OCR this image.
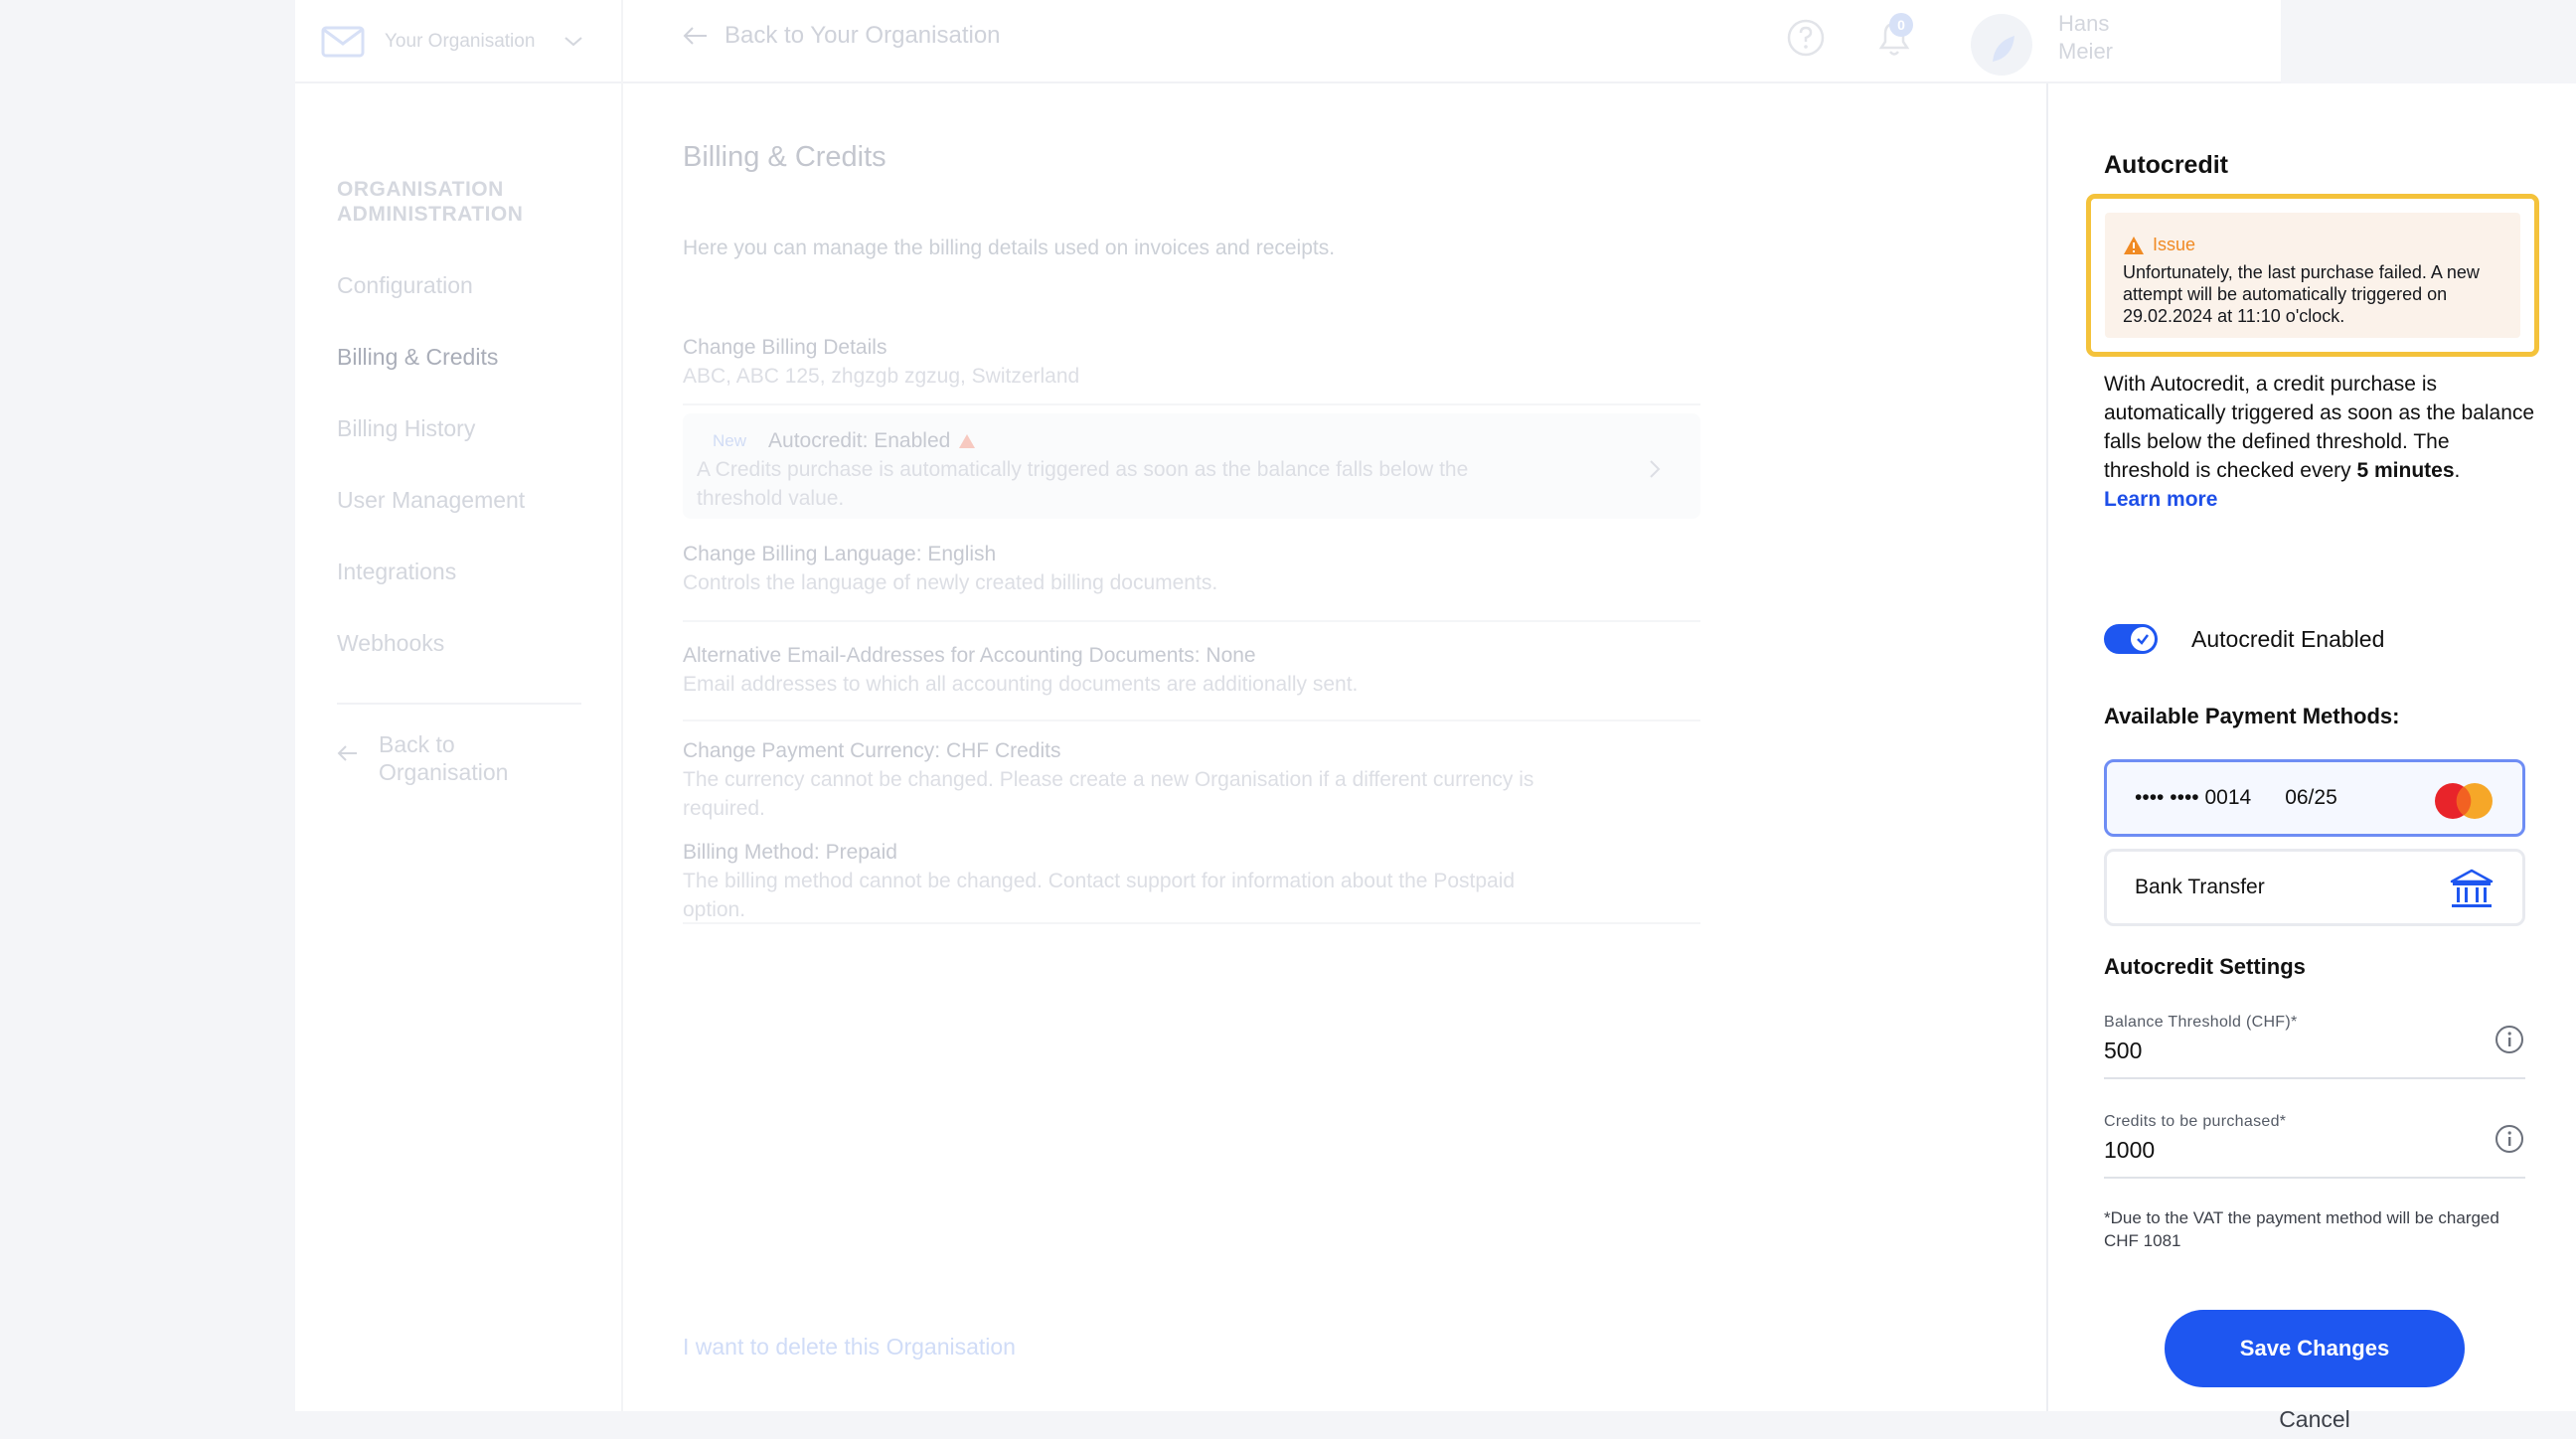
Your Organisation	Back to Your Organisation	0	Hans
Meier
ORGANISATION ADMINISTRATION
Configuration
Billing & Credits
Billing History
User Management
Integrations
Webhooks
Back to Organisation
Billing & Credits
Here you can manage the billing details used on invoices and receipts.
Change Billing Details
ABC, ABC 125, zhgzgb zgzug, Switzerland
New Autocredit: Enabled
A Credits purchase is automatically triggered as soon as the balance falls below the threshold value.
Change Billing Language: English
Controls the language of newly created billing documents.
Alternative Email-Addresses for Accounting Documents: None
Email addresses to which all accounting documents are additionally sent.
Change Payment Currency: CHF Credits
The currency cannot be changed. Please create a new Organisation if a different currency is required.
Billing Method: Prepaid
The billing method cannot be changed. Contact support for information about the Postpaid option.
I want to delete this Organisation
Autocredit
Issue
Unfortunately, the last purchase failed. A new attempt will be automatically triggered on 29.02.2024 at 11:10 o'clock.
With Autocredit, a credit purchase is automatically triggered as soon as the balance falls below the defined threshold. The threshold is checked every 5 minutes.
Learn more
Autocredit Enabled
Available Payment Methods:
•••• •••• 0014 06/25
Bank Transfer
Autocredit Settings
Balance Threshold (CHF)*
500
Credits to be purchased*
1000
*Due to the VAT the payment method will be charged CHF 1081
Save Changes
Cancel
